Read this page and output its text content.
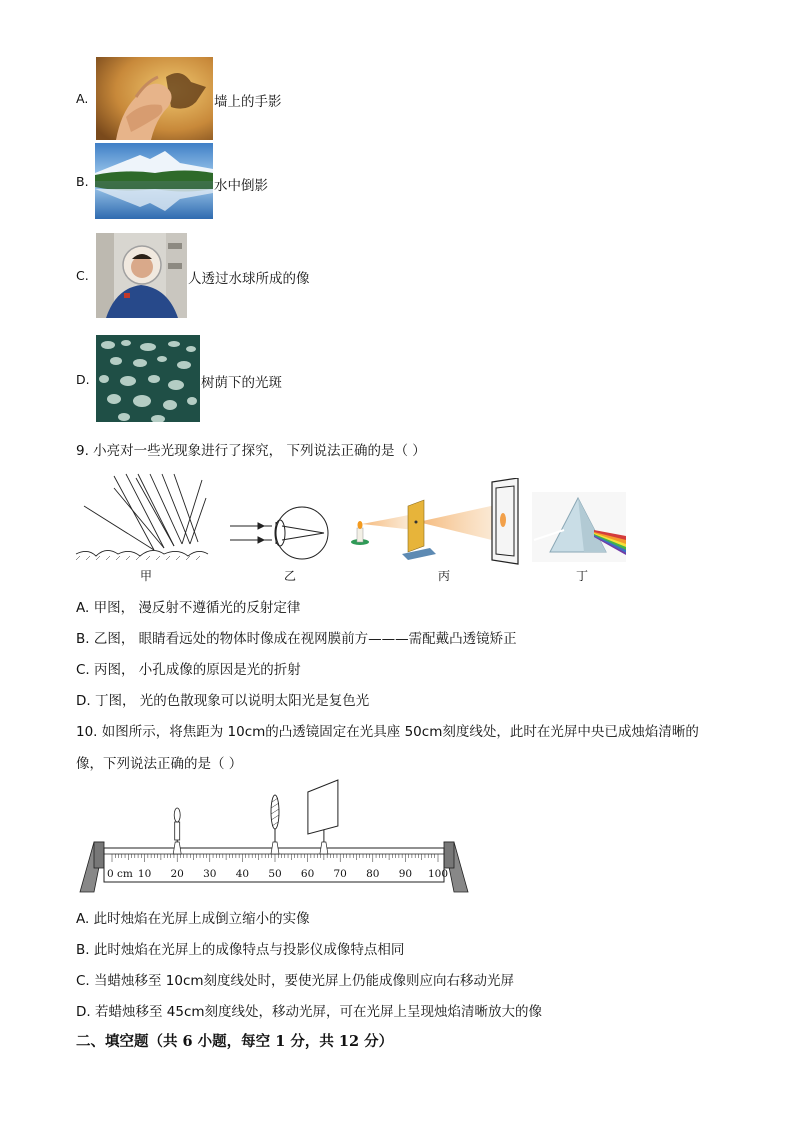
A.	墙上的手影
B.	水中倒影
C.	人透过水球所成的像
D.	树荫下的光斑
9. 小亮对一些光现象进行了探究， 下列说法正确的是（ ）
甲	乙	丙	丁
A. 甲图， 漫反射不遵循光的反射定律
B. 乙图， 眼睛看远处的物体时像成在视网膜前方———需配戴凸透镜矫正
C. 丙图， 小孔成像的原因是光的折射
D. 丁图， 光的色散现象可以说明太阳光是复色光
10. 如图所示，将焦距为 10cm的凸透镜固定在光具座 50cm刻度线处，此时在光屏中央已成烛焰清晰的
像，下列说法正确的是（ ）
0 cm 10 20 30 40 50 60 70 80 90 100
A. 此时烛焰在光屏上成倒立缩小的实像
B. 此时烛焰在光屏上的成像特点与投影仪成像特点相同
C. 当蜡烛移至 10cm刻度线处时，要使光屏上仍能成像则应向右移动光屏
D. 若蜡烛移至 45cm刻度线处，移动光屏，可在光屏上呈现烛焰清晰放大的像
二、填空题（共 6 小题，每空 1 分，共 12 分）
